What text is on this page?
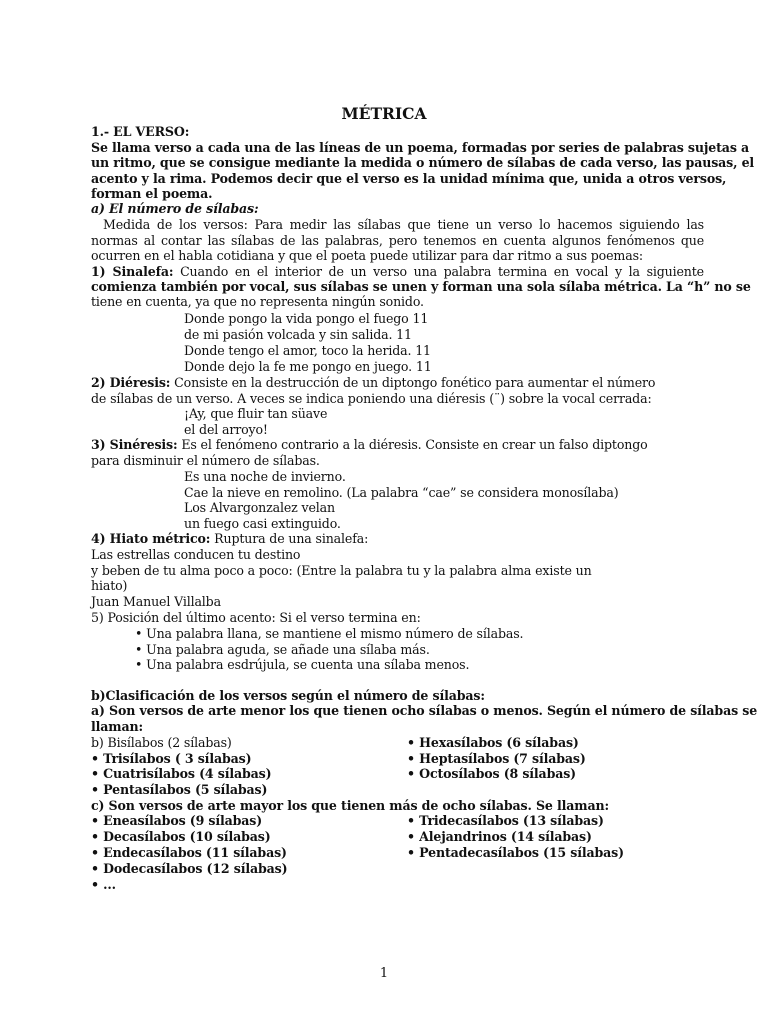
MÉTRICA
1.- EL VERSO:
Se llama verso a cada una de las líneas de un poema, formadas por series de palabras sujetas a
un ritmo, que se consigue mediante la medida o número de sílabas de cada verso, las pausas, el
acento y la rima. Podemos decir que el verso es la unidad mínima que, unida a otros versos,
forman el poema.
a) El número de sílabas:
Medida de los versos: Para medir las sílabas que tiene un verso lo hacemos siguiendo las
normas al contar las sílabas de las palabras, pero tenemos en cuenta algunos fenómenos que
ocurren en el habla cotidiana y que el poeta puede utilizar para dar ritmo a sus poemas:
1) Sinalefa: Cuando en el interior de un verso una palabra termina en vocal y la siguiente
comienza también por vocal, sus sílabas se unen y forman una sola sílaba métrica. La “h” no se
tiene en cuenta, ya que no representa ningún sonido.
Donde pongo la vida pongo el fuego 11
de mi pasión volcada y sin salida. 11
Donde tengo el amor, toco la herida. 11
Donde dejo la fe me pongo en juego. 11
2) Diéresis: Consiste en la destrucción de un diptongo fonético para aumentar el número
de sílabas de un verso. A veces se indica poniendo una diéresis (¨) sobre la vocal cerrada:
¡Ay, que fluir tan süave
el del arroyo!
3) Sinéresis: Es el fenómeno contrario a la diéresis. Consiste en crear un falso diptongo
para disminuir el número de sílabas.
Es una noche de invierno.
Cae la nieve en remolino. (La palabra “cae” se considera monosílaba)
Los Alvargonzalez velan
un fuego casi extinguido.
4) Hiato métrico: Ruptura de una sinalefa:
Las estrellas conducen tu destino
y beben de tu alma poco a poco: (Entre la palabra tu y la palabra alma existe un
hiato)
Juan Manuel Villalba
5) Posición del último acento: Si el verso termina en:
• Una palabra llana, se mantiene el mismo número de sílabas.
• Una palabra aguda, se añade una sílaba más.
• Una palabra esdrújula, se cuenta una sílaba menos.
b)Clasificación de los versos según el número de sílabas:
a) Son versos de arte menor los que tienen ocho sílabas o menos. Según el número de sílabas se
llaman:
b) Bisílabos (2 sílabas)
• Trisílabos ( 3 sílabas)
• Cuatrisílabos (4 sílabas)
• Pentasílabos (5 sílabas)
• Hexasílabos (6 sílabas)
• Heptasílabos (7 sílabas)
• Octosílabos (8 sílabas)
c) Son versos de arte mayor los que tienen más de ocho sílabas. Se llaman:
• Eneasílabos (9 sílabas)
• Decasílabos (10 sílabas)
• Endecasílabos (11 sílabas)
• Dodecasílabos (12 sílabas)
• ...
• Tridecasílabos (13 sílabas)
• Alejandrinos (14 sílabas)
• Pentadecasílabos (15 sílabas)
1
